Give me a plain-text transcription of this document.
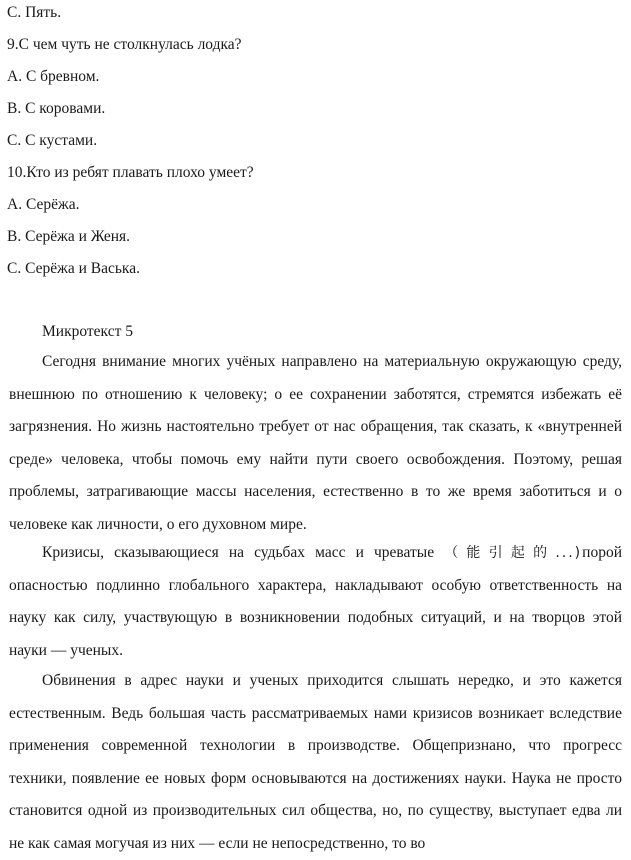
С. Пять.
9.С чем чуть не столкнулась лодка?
А. С бревном.
В. С коровами.
С. С кустами.
10.Кто из ребят плавать плохо умеет?
А. Серёжа.
В. Серёжа и Женя.
С. Серёжа и Васька.
Микротекст 5

Сегодня внимание многих учёных направлено на материальную окружающую среду, внешнюю по отношению к человеку; о ее сохранении заботятся, стремятся избежать её загрязнения. Но жизнь настоятельно требует от нас обращения, так сказать, к «внутренней среде» человека, чтобы помочь ему найти пути своего освобождения. Поэтому, решая проблемы, затрагивающие массы населения, естественно в то же время заботиться и о человеке как личности, о его духовном мире.

Кризисы, сказывающиеся на судьбах масс и чреватые （能引起的...)порой опасностью подлинно глобального характера, накладывают особую ответственность на науку как силу, участвующую в возникновении подобных ситуаций, и на творцов этой науки — ученых.

Обвинения в адрес науки и ученых приходится слышать нередко, и это кажется естественным. Ведь большая часть рассматриваемых нами кризисов возникает вследствие применения современной технологии в производстве. Общепризнано, что прогресс техники, появление ее новых форм основываются на достижениях науки. Наука не просто становится одной из производительных сил общества, но, по существу, выступает едва ли не как самая могучая из них — если не непосредственно, то во
